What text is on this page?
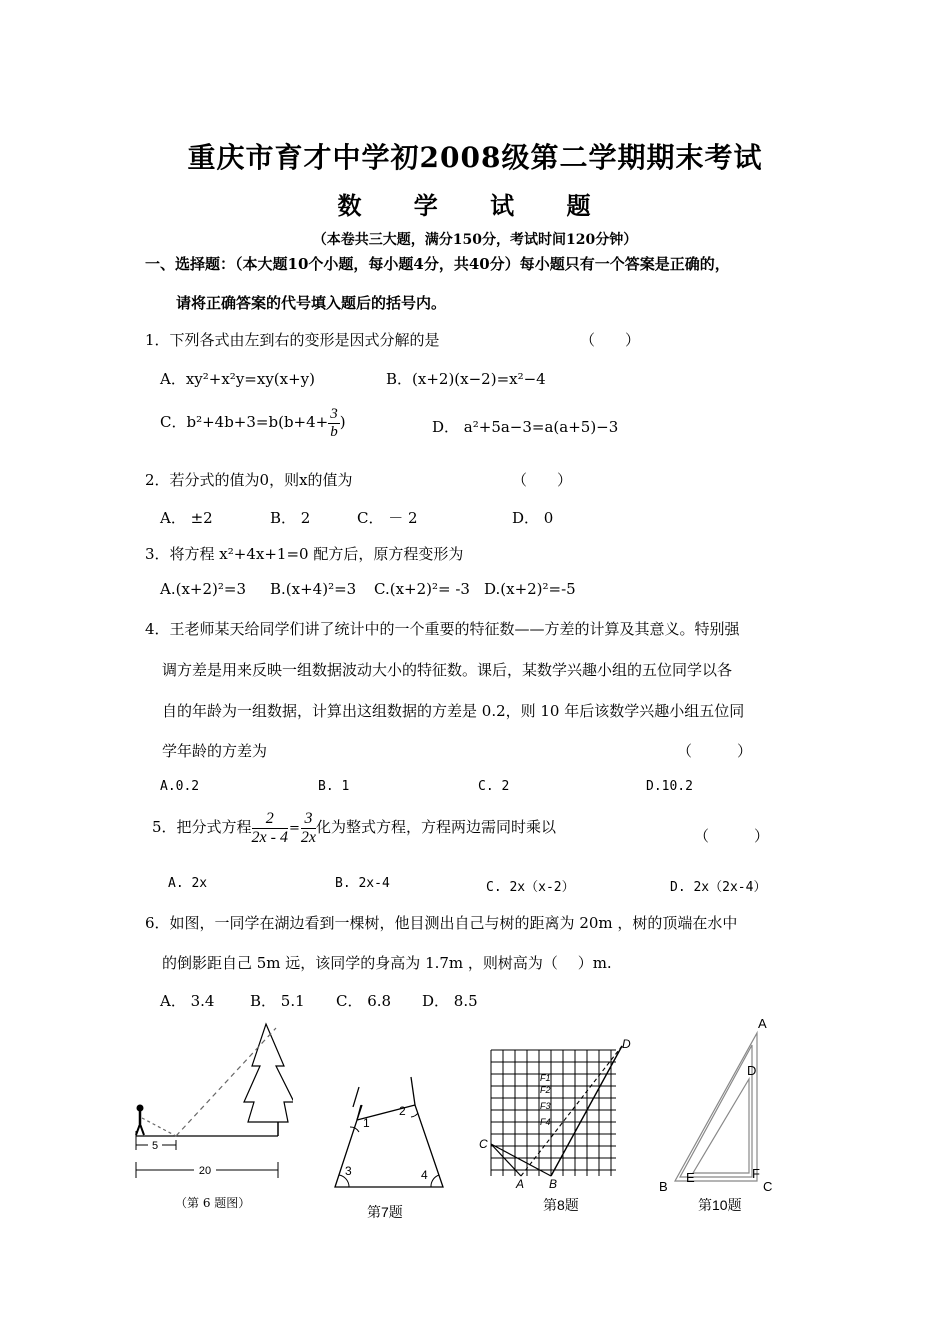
重庆市育才中学初2008级第二学期期末考试
数 学 试 题
（本卷共三大题，满分150分，考试时间120分钟）
一、选择题：（本大题10个小题，每小题4分，共40分）每小题只有一个答案是正确的，
请将正确答案的代号填入题后的括号内。
1．下列各式由左到右的变形是因式分解的是	（　　）
A．xy²+x²y=xy(x+y)	B．(x+2)(x−2)=x²−4
C．$b^2+4b+3=b(b+4+ \frac{3}{b}$ )	D． a²+5a−3=a(a+5)−3
2．若分式的值为0，则x的值为	（　　）
A． ±2	B． 2	C． － 2	D． 0
3．将方程 x²+4x+1=0 配方后，原方程变形为
A.(x+2)²=3 B.(x+4)²=3 C.(x+2)²= -3 D.(x+2)²=-5
4．王老师某天给同学们讲了统计中的一个重要的特征数——方差的计算及其意义。特别强
调方差是用来反映一组数据波动大小的特征数。课后，某数学兴趣小组的五位同学以各
自的年龄为一组数据，计算出这组数据的方差是 0.2，则 10 年后该数学兴趣小组五位同
学年龄的方差为	（　　　）
A.0.2	B. 1	C. 2	D.10.2
5．把分式方程 $\frac{2}{2x - 4} = \frac{3}{2x}$ 化为整式方程，方程两边需同时乘以	（　　　）
A. 2x	B. 2x-4	C. 2x（x-2）	D. 2x（2x-4）
6．如图，一同学在湖边看到一棵树，他目测出自己与树的距离为 20m ，树的顶端在水中
的倒影距自己 5m 远，该同学的身高为 1.7m ，则树高为（　 ）m.
A． 3.4 B． 5.1 C． 6.8 D． 8.5
5
20
（第 6 题图）
1
2
3	4
第7题
D
C
A B
F1
F2
F3
F4
第8题
A
D
E	F
B	C
第10题
